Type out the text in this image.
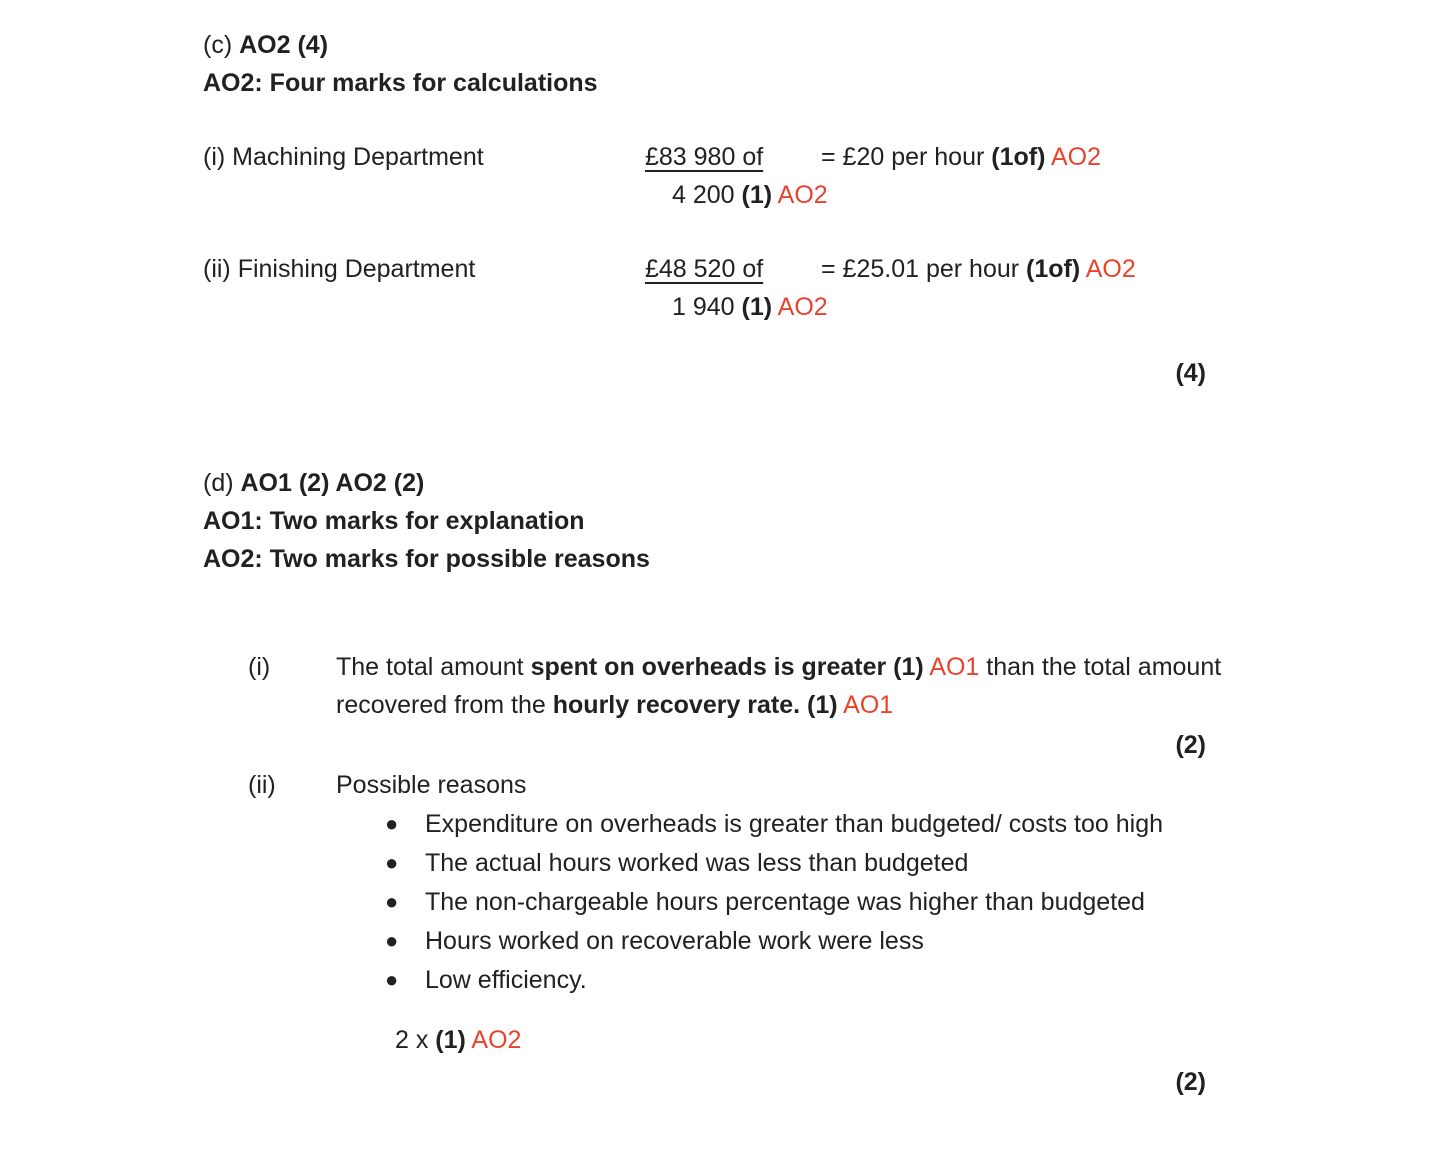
(c) AO2 (4)
AO2: Four marks for calculations
(i) Machining Department	$\frac{£83 980 of}{4 200 (1) AO2}$ = £20 per hour (1of) AO2
(ii) Finishing Department	$\frac{£48 520 of}{1 940 (1) AO2}$ = £25.01 per hour (1of) AO2
(4)
(d) AO1 (2) AO2 (2)
AO1: Two marks for explanation
AO2: Two marks for possible reasons
(i)	The total amount spent on overheads is greater (1) AO1 than the total amount recovered from the hourly recovery rate. (1) AO1
(2)
(ii)	Possible reasons
●	Expenditure on overheads is greater than budgeted/ costs too high
●	The actual hours worked was less than budgeted
●	The non-chargeable hours percentage was higher than budgeted
●	Hours worked on recoverable work were less
●	Low efficiency.
2 x (1) AO2
(2)
